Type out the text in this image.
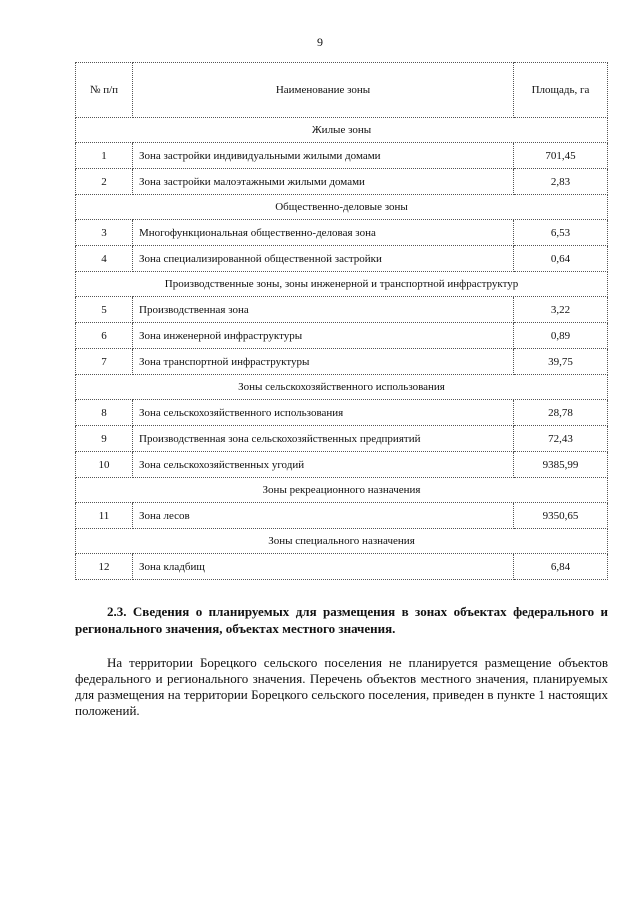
9
№ п/п	Наименование зоны	Площадь, га
Жилые зоны		
1	Зона застройки индивидуальными жилыми домами	701,45
2	Зона застройки малоэтажными жилыми домами	2,83
Общественно-деловые зоны		
3	Многофункциональная общественно-деловая зона	6,53
4	Зона специализированной общественной застройки	0,64
Производственные зоны, зоны инженерной и транспортной инфраструктур		
5	Производственная зона	3,22
6	Зона инженерной инфраструктуры	0,89
7	Зона транспортной инфраструктуры	39,75
Зоны сельскохозяйственного использования		
8	Зона сельскохозяйственного использования	28,78
9	Производственная зона сельскохозяйственных предприятий	72,43
10	Зона сельскохозяйственных угодий	9385,99
Зоны рекреационного назначения		
11	Зона лесов	9350,65
Зоны специального назначения		
12	Зона кладбищ	6,84
2.3. Сведения о планируемых для размещения в зонах объектах федерального и регионального значения, объектах местного значения.
На территории Борецкого сельского поселения не планируется размещение объектов федерального и регионального значения. Перечень объектов местного значения, планируемых для размещения на территории Борецкого сельского поселения, приведен в пункте 1 настоящих положений.
